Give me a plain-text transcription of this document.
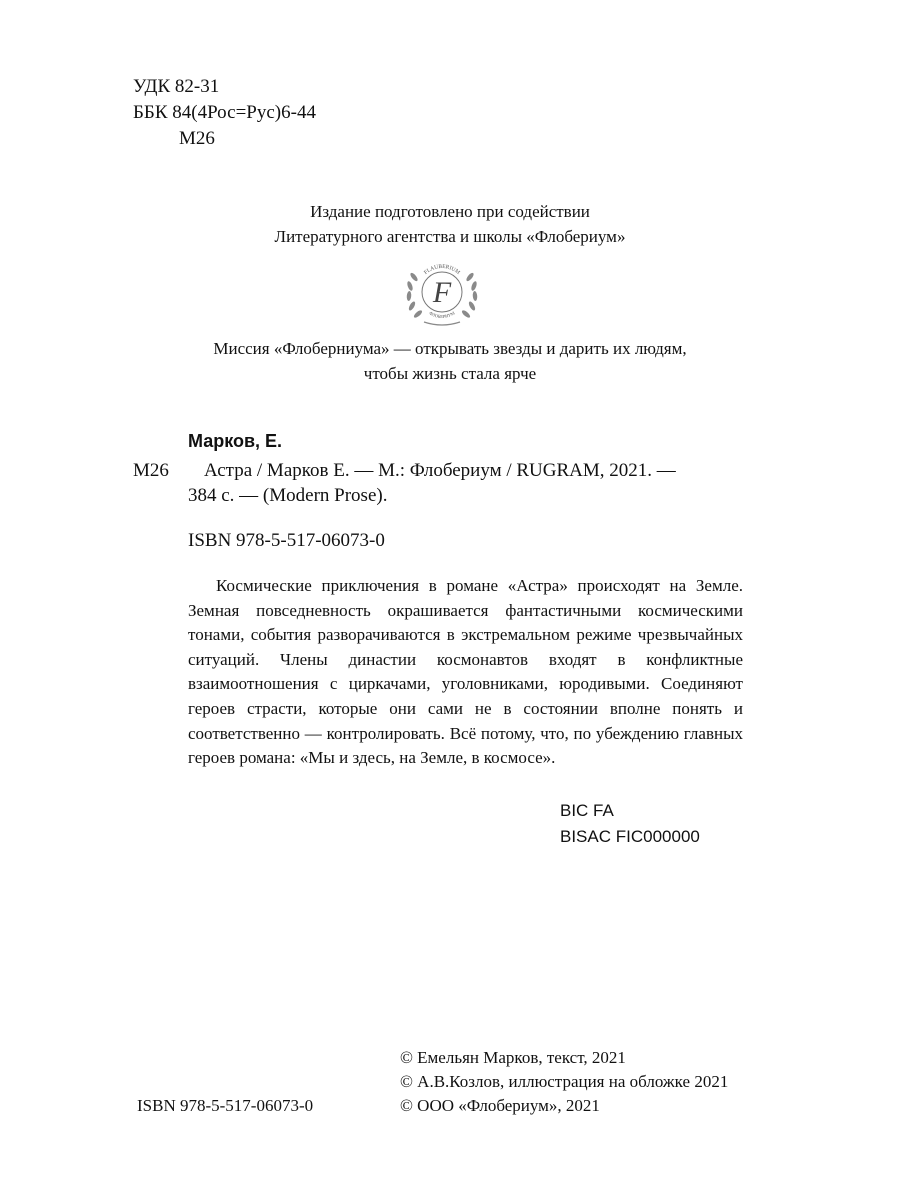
УДК 82-31
ББК 84(4Рос=Рус)6-44
М26
Издание подготовлено при содействии
Литературного агентства и школы «Флобериум»
FLAUBERIUM
ФЛОБЕРИУМ
F
Миссия «Флоберниума» — открывать звезды и дарить их людям,
чтобы жизнь стала ярче
Марков, Е.
М26 Астра / Марков Е. — М.: Флобериум / RUGRAM, 2021. —
384 с. — (Modern Prose).
ISBN 978-5-517-06073-0
Космические приключения в романе «Астра» происходят на Земле. Земная повседневность окрашивается фантастичными космическими тонами, события разворачиваются в экстремальном режиме чрезвычайных ситуаций. Члены династии космонавтов входят в конфликтные взаимоотношения с циркачами, уголовниками, юродивыми. Соединяют героев страсти, которые они сами не в состоянии вполне понять и соответственно — контролировать. Всё потому, что, по убеждению главных героев романа: «Мы и здесь, на Земле, в космосе».
BIC FA
BISAC FIC000000
ISBN 978-5-517-06073-0
© Емельян Марков, текст, 2021
© А.В.Козлов, иллюстрация на обложке 2021
© ООО «Флобериум», 2021
